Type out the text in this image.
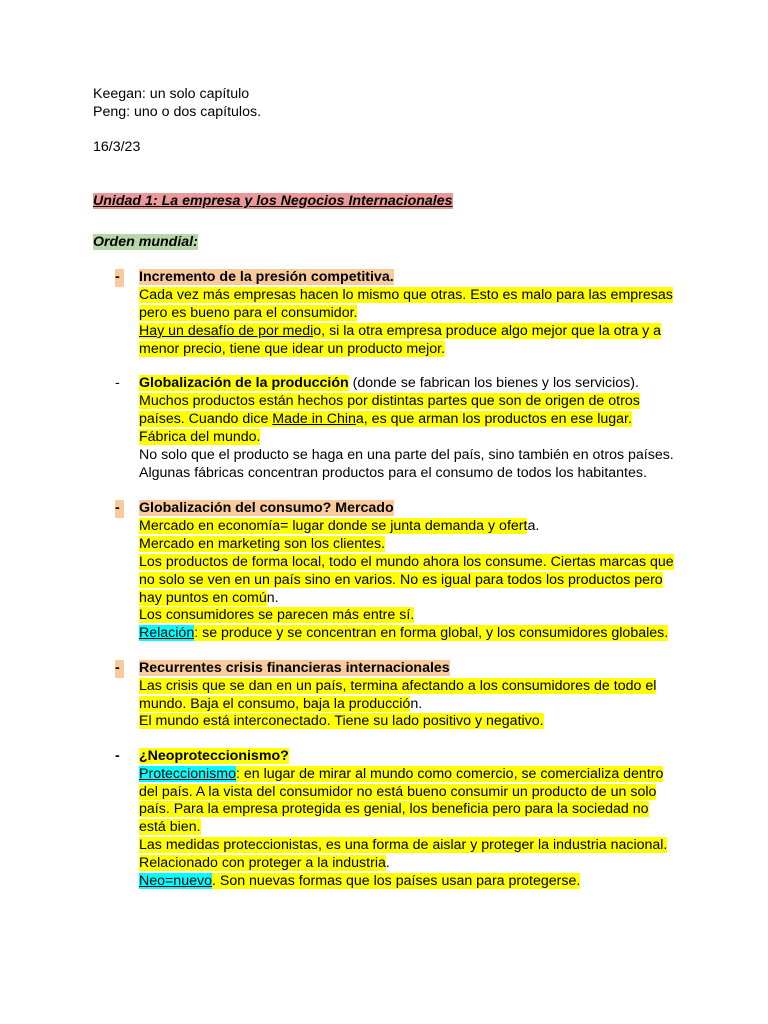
Keegan: un solo capítulo
Peng: uno o dos capítulos.
16/3/23
Unidad 1: La empresa y los Negocios Internacionales
Orden mundial:
- Incremento de la presión competitiva.
Cada vez más empresas hacen lo mismo que otras. Esto es malo para las empresas
pero es bueno para el consumidor.
Hay un desafío de por medio, si la otra empresa produce algo mejor que la otra y a
menor precio, tiene que idear un producto mejor.
- Globalización de la producción (donde se fabrican los bienes y los servicios).
Muchos productos están hechos por distintas partes que son de origen de otros
países. Cuando dice Made in China, es que arman los productos en ese lugar.
Fábrica del mundo.
No solo que el producto se haga en una parte del país, sino también en otros países.
Algunas fábricas concentran productos para el consumo de todos los habitantes.
- Globalización del consumo? Mercado
Mercado en economía= lugar donde se junta demanda y oferta.
Mercado en marketing son los clientes.
Los productos de forma local, todo el mundo ahora los consume. Ciertas marcas que
no solo se ven en un país sino en varios. No es igual para todos los productos pero
hay puntos en común.
Los consumidores se parecen más entre sí.
Relación: se produce y se concentran en forma global, y los consumidores globales.
- Recurrentes crisis financieras internacionales
Las crisis que se dan en un país, termina afectando a los consumidores de todo el
mundo. Baja el consumo, baja la producción.
El mundo está interconectado. Tiene su lado positivo y negativo.
- ¿Neoproteccionismo?
Proteccionismo: en lugar de mirar al mundo como comercio, se comercializa dentro
del país. A la vista del consumidor no está bueno consumir un producto de un solo
país. Para la empresa protegida es genial, los beneficia pero para la sociedad no
está bien.
Las medidas proteccionistas, es una forma de aislar y proteger la industria nacional.
Relacionado con proteger a la industria.
Neo=nuevo. Son nuevas formas que los países usan para protegerse.
